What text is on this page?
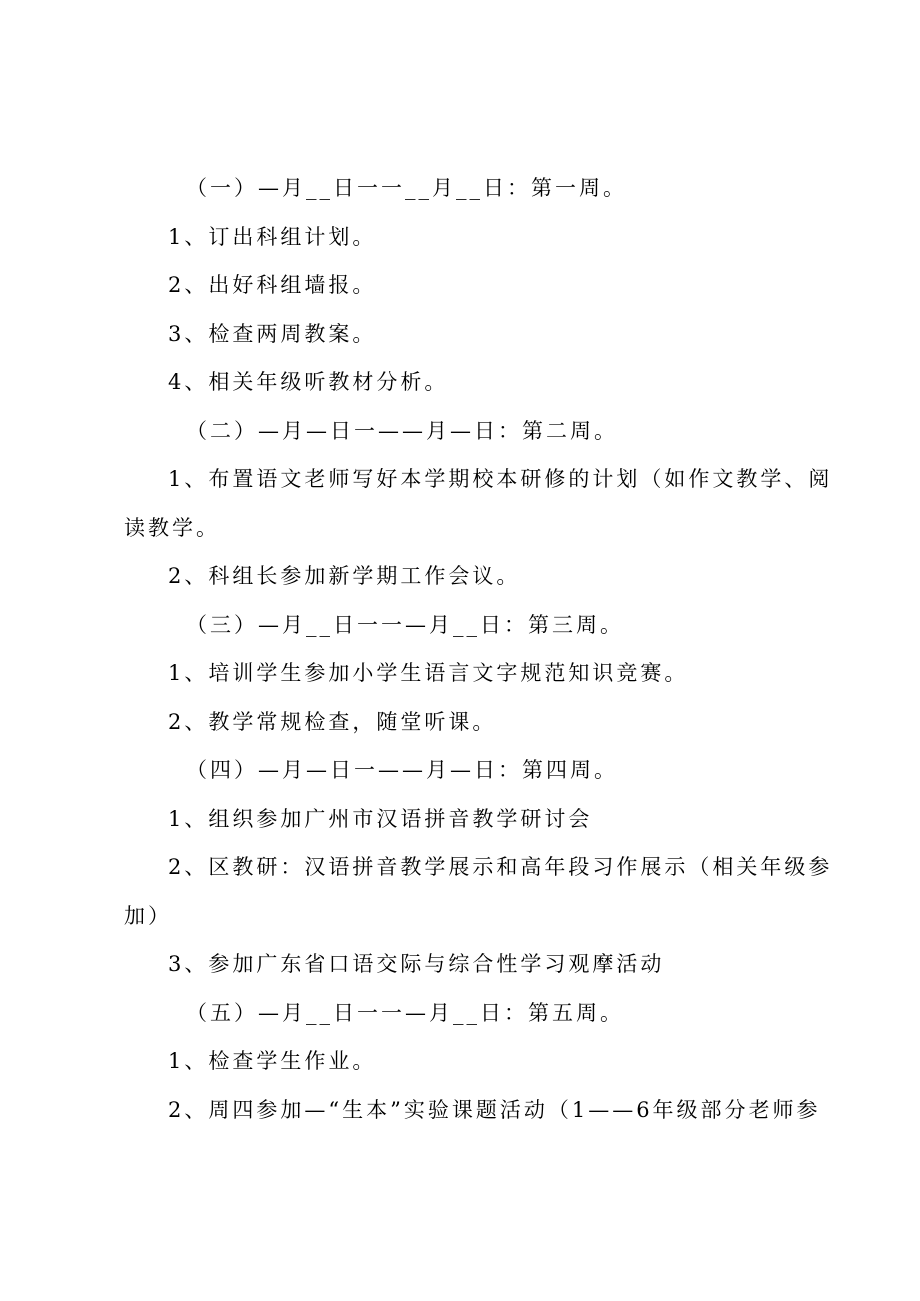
（一）—月__日一一__月__日：第一周。
1、订出科组计划。
2、出好科组墙报。
3、检查两周教案。
4、相关年级听教材分析。
（二）—月—日一——月—日：第二周。
1、布置语文老师写好本学期校本研修的计划（如作文教学、阅
读教学。
2、科组长参加新学期工作会议。
（三）—月__日一一—月__日：第三周。
1、培训学生参加小学生语言文字规范知识竞赛。
2、教学常规检查，随堂听课。
（四）—月—日一——月—日：第四周。
1、组织参加广州市汉语拼音教学研讨会
2、区教研：汉语拼音教学展示和高年段习作展示（相关年级参
加）
3、参加广东省口语交际与综合性学习观摩活动
（五）—月__日一一—月__日：第五周。
1、检查学生作业。
2、周四参加—“生本”实验课题活动（1——6年级部分老师参
